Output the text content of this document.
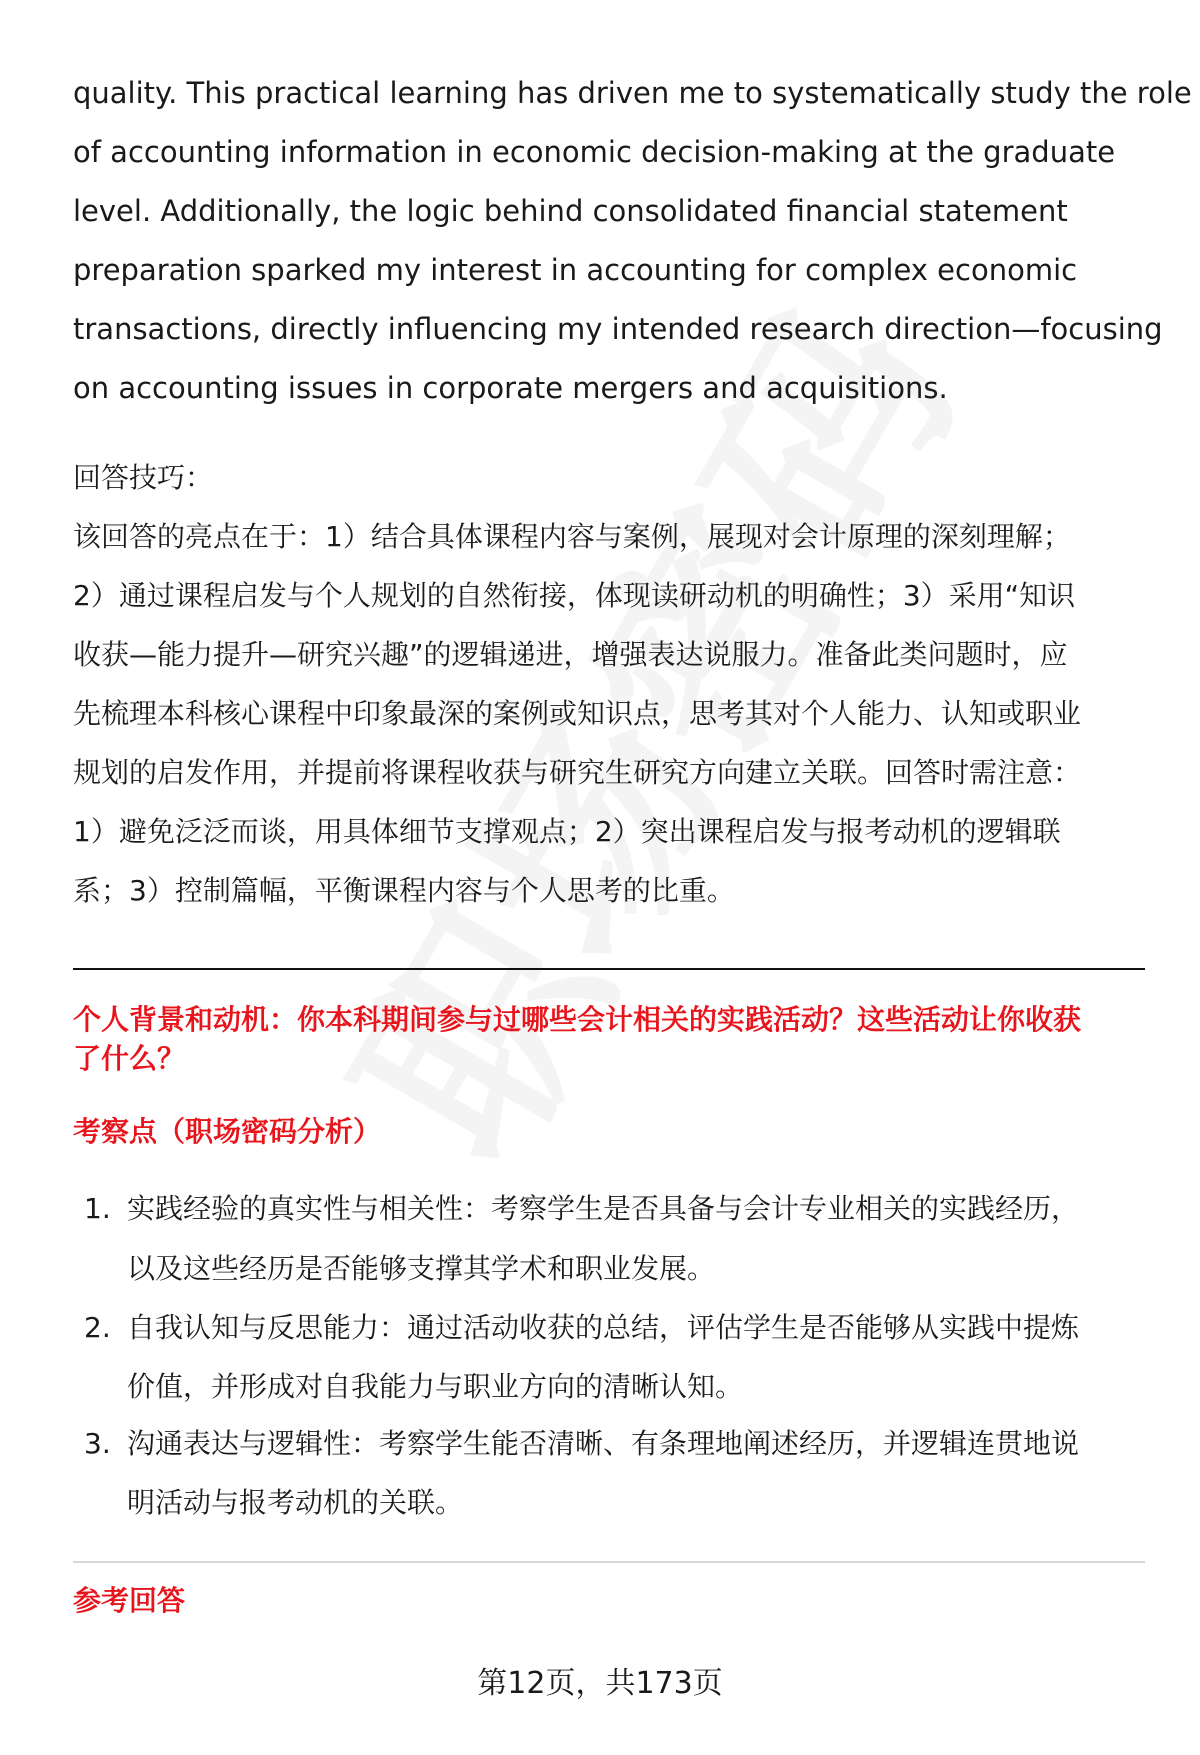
quality. This practical learning has driven me to systematically study the role
of accounting information in economic decision-making at the graduate
level. Additionally, the logic behind consolidated financial statement
preparation sparked my interest in accounting for complex economic
transactions, directly influencing my intended research direction—focusing
on accounting issues in corporate mergers and acquisitions.
回答技巧：
该回答的亮点在于：1）结合具体课程内容与案例，展现对会计原理的深刻理解；
2）通过课程启发与个人规划的自然衔接，体现读研动机的明确性；3）采用“知识
收获—能力提升—研究兴趣”的逻辑递进，增强表达说服力。准备此类问题时，应
先梳理本科核心课程中印象最深的案例或知识点，思考其对个人能力、认知或职业
规划的启发作用，并提前将课程收获与研究生研究方向建立关联。回答时需注意：
1）避免泛泛而谈，用具体细节支撑观点；2）突出课程启发与报考动机的逻辑联
系；3）控制篇幅，平衡课程内容与个人思考的比重。
个人背景和动机：你本科期间参与过哪些会计相关的实践活动？这些活动让你收获
了什么？
考察点（职场密码分析）
1. 实践经验的真实性与相关性：考察学生是否具备与会计专业相关的实践经历，
以及这些经历是否能够支撑其学术和职业发展。
2. 自我认知与反思能力：通过活动收获的总结，评估学生是否能够从实践中提炼
价值，并形成对自我能力与职业方向的清晰认知。
3. 沟通表达与逻辑性：考察学生能否清晰、有条理地阐述经历，并逻辑连贯地说
明活动与报考动机的关联。
参考回答
第12页，共173页
